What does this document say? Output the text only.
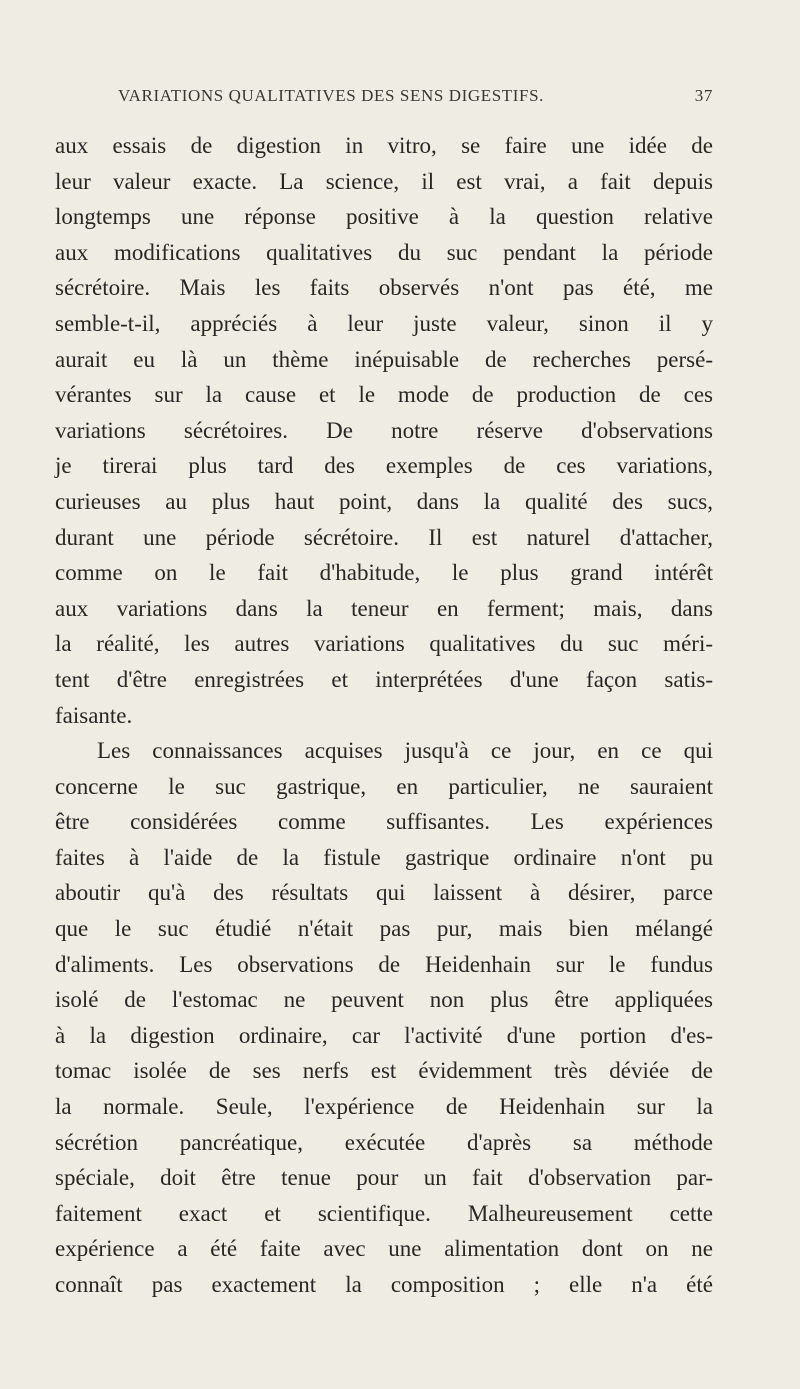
VARIATIONS QUALITATIVES DES SENS DIGESTIFS.	37
aux essais de digestion in vitro, se faire une idée de
leur valeur exacte. La science, il est vrai, a fait depuis
longtemps une réponse positive à la question relative
aux modifications qualitatives du suc pendant la période
sécrétoire. Mais les faits observés n'ont pas été, me
semble-t-il, appréciés à leur juste valeur, sinon il y
aurait eu là un thème inépuisable de recherches persé-
vérantes sur la cause et le mode de production de ces
variations sécrétoires. De notre réserve d'observations
je tirerai plus tard des exemples de ces variations,
curieuses au plus haut point, dans la qualité des sucs,
durant une période sécrétoire. Il est naturel d'attacher,
comme on le fait d'habitude, le plus grand intérêt
aux variations dans la teneur en ferment; mais, dans
la réalité, les autres variations qualitatives du suc méri-
tent d'être enregistrées et interprétées d'une façon satis-
faisante.
Les connaissances acquises jusqu'à ce jour, en ce qui
concerne le suc gastrique, en particulier, ne sauraient
être considérées comme suffisantes. Les expériences
faites à l'aide de la fistule gastrique ordinaire n'ont pu
aboutir qu'à des résultats qui laissent à désirer, parce
que le suc étudié n'était pas pur, mais bien mélangé
d'aliments. Les observations de Heidenhain sur le fundus
isolé de l'estomac ne peuvent non plus être appliquées
à la digestion ordinaire, car l'activité d'une portion d'es-
tomac isolée de ses nerfs est évidemment très déviée de
la normale. Seule, l'expérience de Heidenhain sur la
sécrétion pancréatique, exécutée d'après sa méthode
spéciale, doit être tenue pour un fait d'observation par-
faitement exact et scientifique. Malheureusement cette
expérience a été faite avec une alimentation dont on ne
connaît pas exactement la composition ; elle n'a été
